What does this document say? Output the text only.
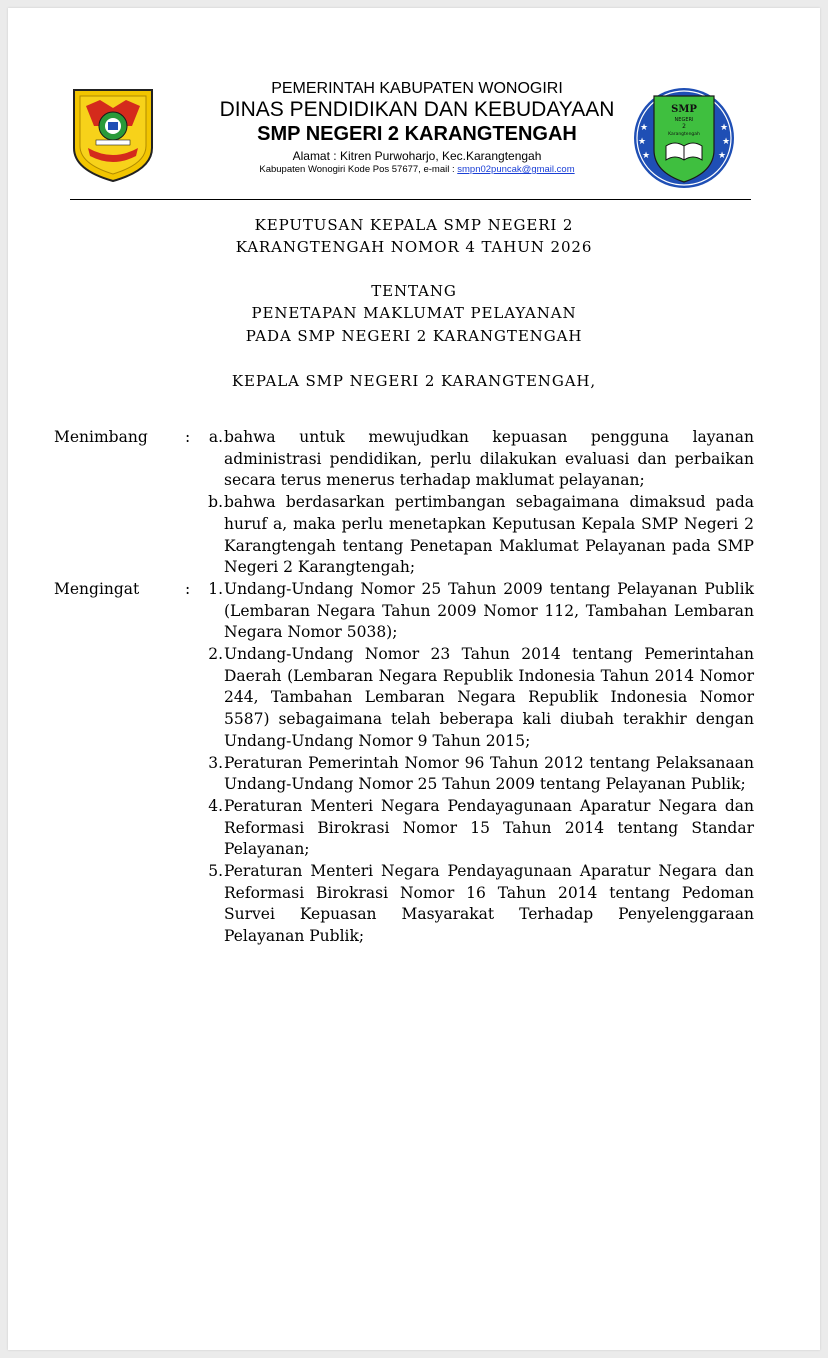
PEMERINTAH KABUPATEN WONOGIRI
DINAS PENDIDIKAN DAN KEBUDAYAAN
SMP NEGERI 2 KARANGTENGAH
Alamat : Kitren Purwoharjo, Kec.Karangtengah
Kabupaten Wonogiri Kode Pos 57677, e-mail : smpn02puncak@gmail.com
★
★
★
★
★
★
SMP
NEGERI
2
Karangtengah
KEPUTUSAN KEPALA SMP NEGERI 2
KARANGTENGAH NOMOR 4 TAHUN 2026
TENTANG
PENETAPAN MAKLUMAT PELAYANAN
PADA SMP NEGERI 2 KARANGTENGAH
KEPALA SMP NEGERI 2 KARANGTENGAH,
Menimbang :	a. bahwa untuk mewujudkan kepuasan pengguna layanan administrasi pendidikan, perlu dilakukan evaluasi dan perbaikan secara terus menerus terhadap maklumat pelayanan;
b. bahwa berdasarkan pertimbangan sebagaimana dimaksud pada huruf a, maka perlu menetapkan Keputusan Kepala SMP Negeri 2 Karangtengah tentang Penetapan Maklumat Pelayanan pada SMP Negeri 2 Karangtengah;
Mengingat	:	1. Undang-Undang Nomor 25 Tahun 2009 tentang Pelayanan Publik (Lembaran Negara Tahun 2009 Nomor 112, Tambahan Lembaran Negara Nomor 5038);
2. Undang-Undang Nomor 23 Tahun 2014 tentang Pemerintahan Daerah (Lembaran Negara Republik Indonesia Tahun 2014 Nomor 244, Tambahan Lembaran Negara Republik Indonesia Nomor 5587) sebagaimana telah beberapa kali diubah terakhir dengan Undang-Undang Nomor 9 Tahun 2015;
3. Peraturan Pemerintah Nomor 96 Tahun 2012 tentang Pelaksanaan Undang-Undang Nomor 25 Tahun 2009 tentang Pelayanan Publik;
4. Peraturan Menteri Negara Pendayagunaan Aparatur Negara dan Reformasi Birokrasi Nomor 15 Tahun 2014 tentang Standar Pelayanan;
5. Peraturan Menteri Negara Pendayagunaan Aparatur Negara dan Reformasi Birokrasi Nomor 16 Tahun 2014 tentang Pedoman Survei Kepuasan Masyarakat Terhadap Penyelenggaraan Pelayanan Publik;
